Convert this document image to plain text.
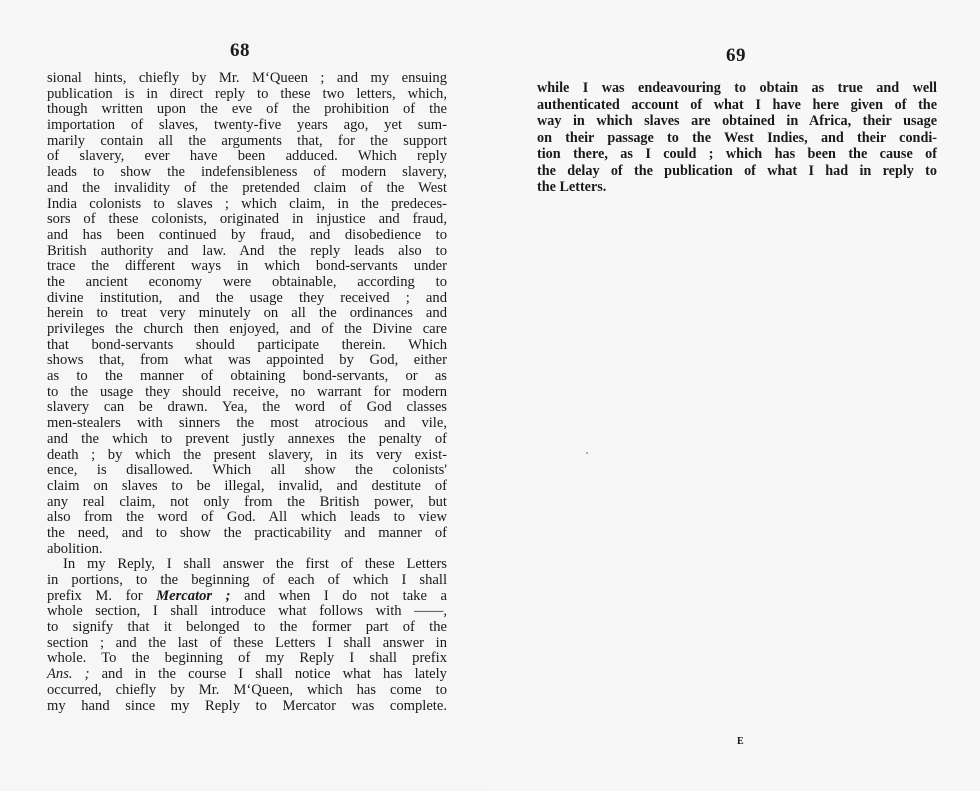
68
sional hints, chiefly by Mr. M‘Queen ; and my ensuing
publication is in direct reply to these two letters, which,
though written upon the eve of the prohibition of the
importation of slaves, twenty-five years ago, yet sum-
marily contain all the arguments that, for the support
of slavery, ever have been adduced. Which reply
leads to show the indefensibleness of modern slavery,
and the invalidity of the pretended claim of the West
India colonists to slaves ; which claim, in the predeces-
sors of these colonists, originated in injustice and fraud,
and has been continued by fraud, and disobedience to
British authority and law. And the reply leads also to
trace the different ways in which bond-servants under
the ancient economy were obtainable, according to
divine institution, and the usage they received ; and
herein to treat very minutely on all the ordinances and
privileges the church then enjoyed, and of the Divine care
that bond-servants should participate therein. Which
shows that, from what was appointed by God, either
as to the manner of obtaining bond-servants, or as
to the usage they should receive, no warrant for modern
slavery can be drawn. Yea, the word of God classes
men-stealers with sinners the most atrocious and vile,
and the which to prevent justly annexes the penalty of
death ; by which the present slavery, in its very exist-
ence, is disallowed. Which all show the colonists'
claim on slaves to be illegal, invalid, and destitute of
any real claim, not only from the British power, but
also from the word of God. All which leads to view
the need, and to show the practicability and manner of
abolition.
In my Reply, I shall answer the first of these Letters
in portions, to the beginning of each of which I shall
prefix M. for Mercator ; and when I do not take a
whole section, I shall introduce what follows with ——,
to signify that it belonged to the former part of the
section ; and the last of these Letters I shall answer in
whole. To the beginning of my Reply I shall prefix
Ans. ; and in the course I shall notice what has lately
occurred, chiefly by Mr. M‘Queen, which has come to
my hand since my Reply to Mercator was complete.
69
while I was endeavouring to obtain as true and well
authenticated account of what I have here given of the
way in which slaves are obtained in Africa, their usage
on their passage to the West Indies, and their condi-
tion there, as I could ; which has been the cause of
the delay of the publication of what I had in reply to
the Letters.
E
